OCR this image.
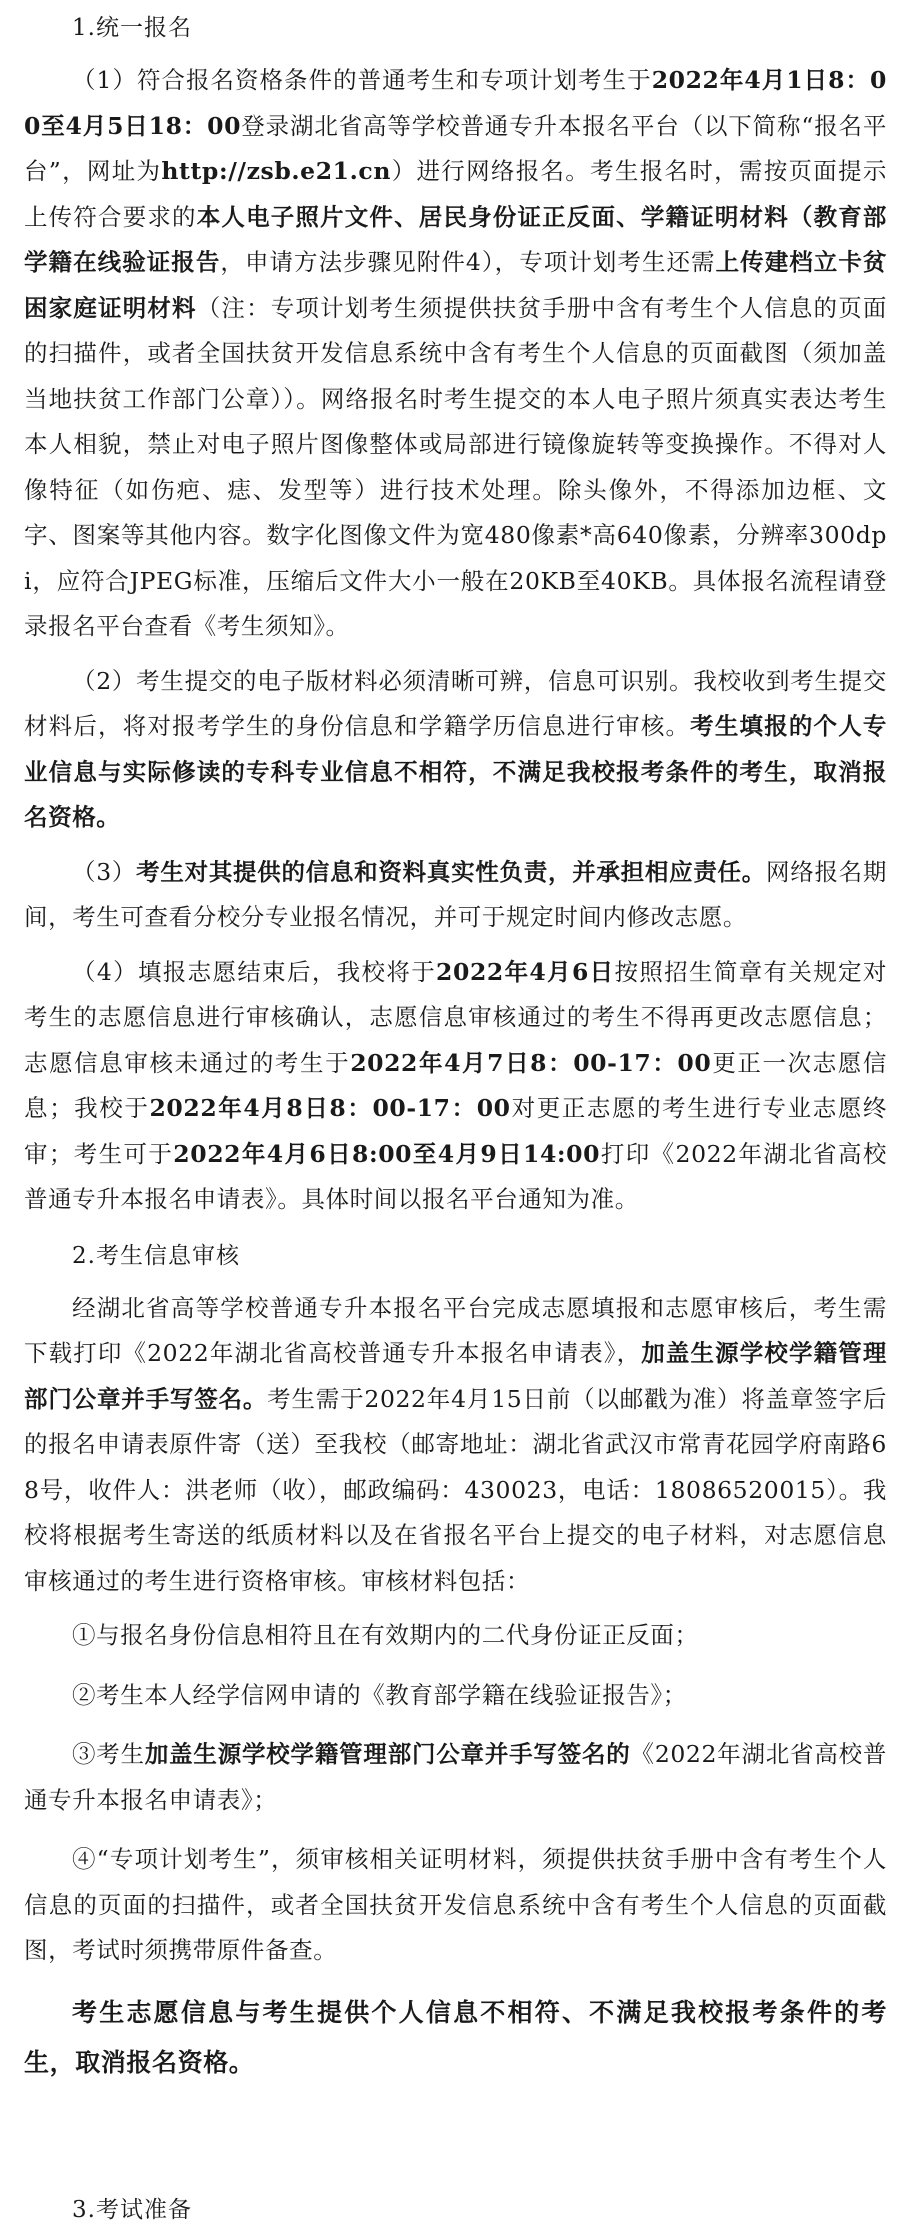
1.统一报名

（1）符合报名资格条件的普通考生和专项计划考生于2022年4月1日8：00至4月5日18：00登录湖北省高等学校普通专升本报名平台（以下简称“报名平台”，网址为http://zsb.e21.cn）进行网络报名。考生报名时，需按页面提示上传符合要求的本人电子照片文件、居民身份证正反面、学籍证明材料（教育部学籍在线验证报告，申请方法步骤见附件4），专项计划考生还需上传建档立卡贫困家庭证明材料（注：专项计划考生须提供扶贫手册中含有考生个人信息的页面的扫描件，或者全国扶贫开发信息系统中含有考生个人信息的页面截图（须加盖当地扶贫工作部门公章））。网络报名时考生提交的本人电子照片须真实表达考生本人相貌，禁止对电子照片图像整体或局部进行镜像旋转等变换操作。不得对人像特征（如伤疤、痣、发型等）进行技术处理。除头像外，不得添加边框、文字、图案等其他内容。数字化图像文件为宽480像素*高640像素，分辨率300dpi，应符合JPEG标准，压缩后文件大小一般在20KB至40KB。具体报名流程请登录报名平台查看《考生须知》。

（2）考生提交的电子版材料必须清晰可辨，信息可识别。我校收到考生提交材料后，将对报考学生的身份信息和学籍学历信息进行审核。考生填报的个人专业信息与实际修读的专科专业信息不相符，不满足我校报考条件的考生，取消报名资格。

（3）考生对其提供的信息和资料真实性负责，并承担相应责任。网络报名期间，考生可查看分校分专业报名情况，并可于规定时间内修改志愿。

（4）填报志愿结束后，我校将于2022年4月6日按照招生简章有关规定对考生的志愿信息进行审核确认，志愿信息审核通过的考生不得再更改志愿信息；志愿信息审核未通过的考生于2022年4月7日8：00-17：00更正一次志愿信息；我校于2022年4月8日8：00-17：00对更正志愿的考生进行专业志愿终审；考生可于2022年4月6日8:00至4月9日14:00打印《2022年湖北省高校普通专升本报名申请表》。具体时间以报名平台通知为准。

2.考生信息审核

经湖北省高等学校普通专升本报名平台完成志愿填报和志愿审核后，考生需下载打印《2022年湖北省高校普通专升本报名申请表》，加盖生源学校学籍管理部门公章并手写签名。考生需于2022年4月15日前（以邮戳为准）将盖章签字后的报名申请表原件寄（送）至我校（邮寄地址：湖北省武汉市常青花园学府南路68号，收件人：洪老师（收），邮政编码：430023，电话：18086520015）。我校将根据考生寄送的纸质材料以及在省报名平台上提交的电子材料，对志愿信息审核通过的考生进行资格审核。审核材料包括：

①与报名身份信息相符且在有效期内的二代身份证正反面；

②考生本人经学信网申请的《教育部学籍在线验证报告》；

③考生加盖生源学校学籍管理部门公章并手写签名的《2022年湖北省高校普通专升本报名申请表》；

④“专项计划考生”，须审核相关证明材料，须提供扶贫手册中含有考生个人信息的页面的扫描件，或者全国扶贫开发信息系统中含有考生个人信息的页面截图，考试时须携带原件备查。

考生志愿信息与考生提供个人信息不相符、不满足我校报考条件的考生，取消报名资格。

3.考试准备
